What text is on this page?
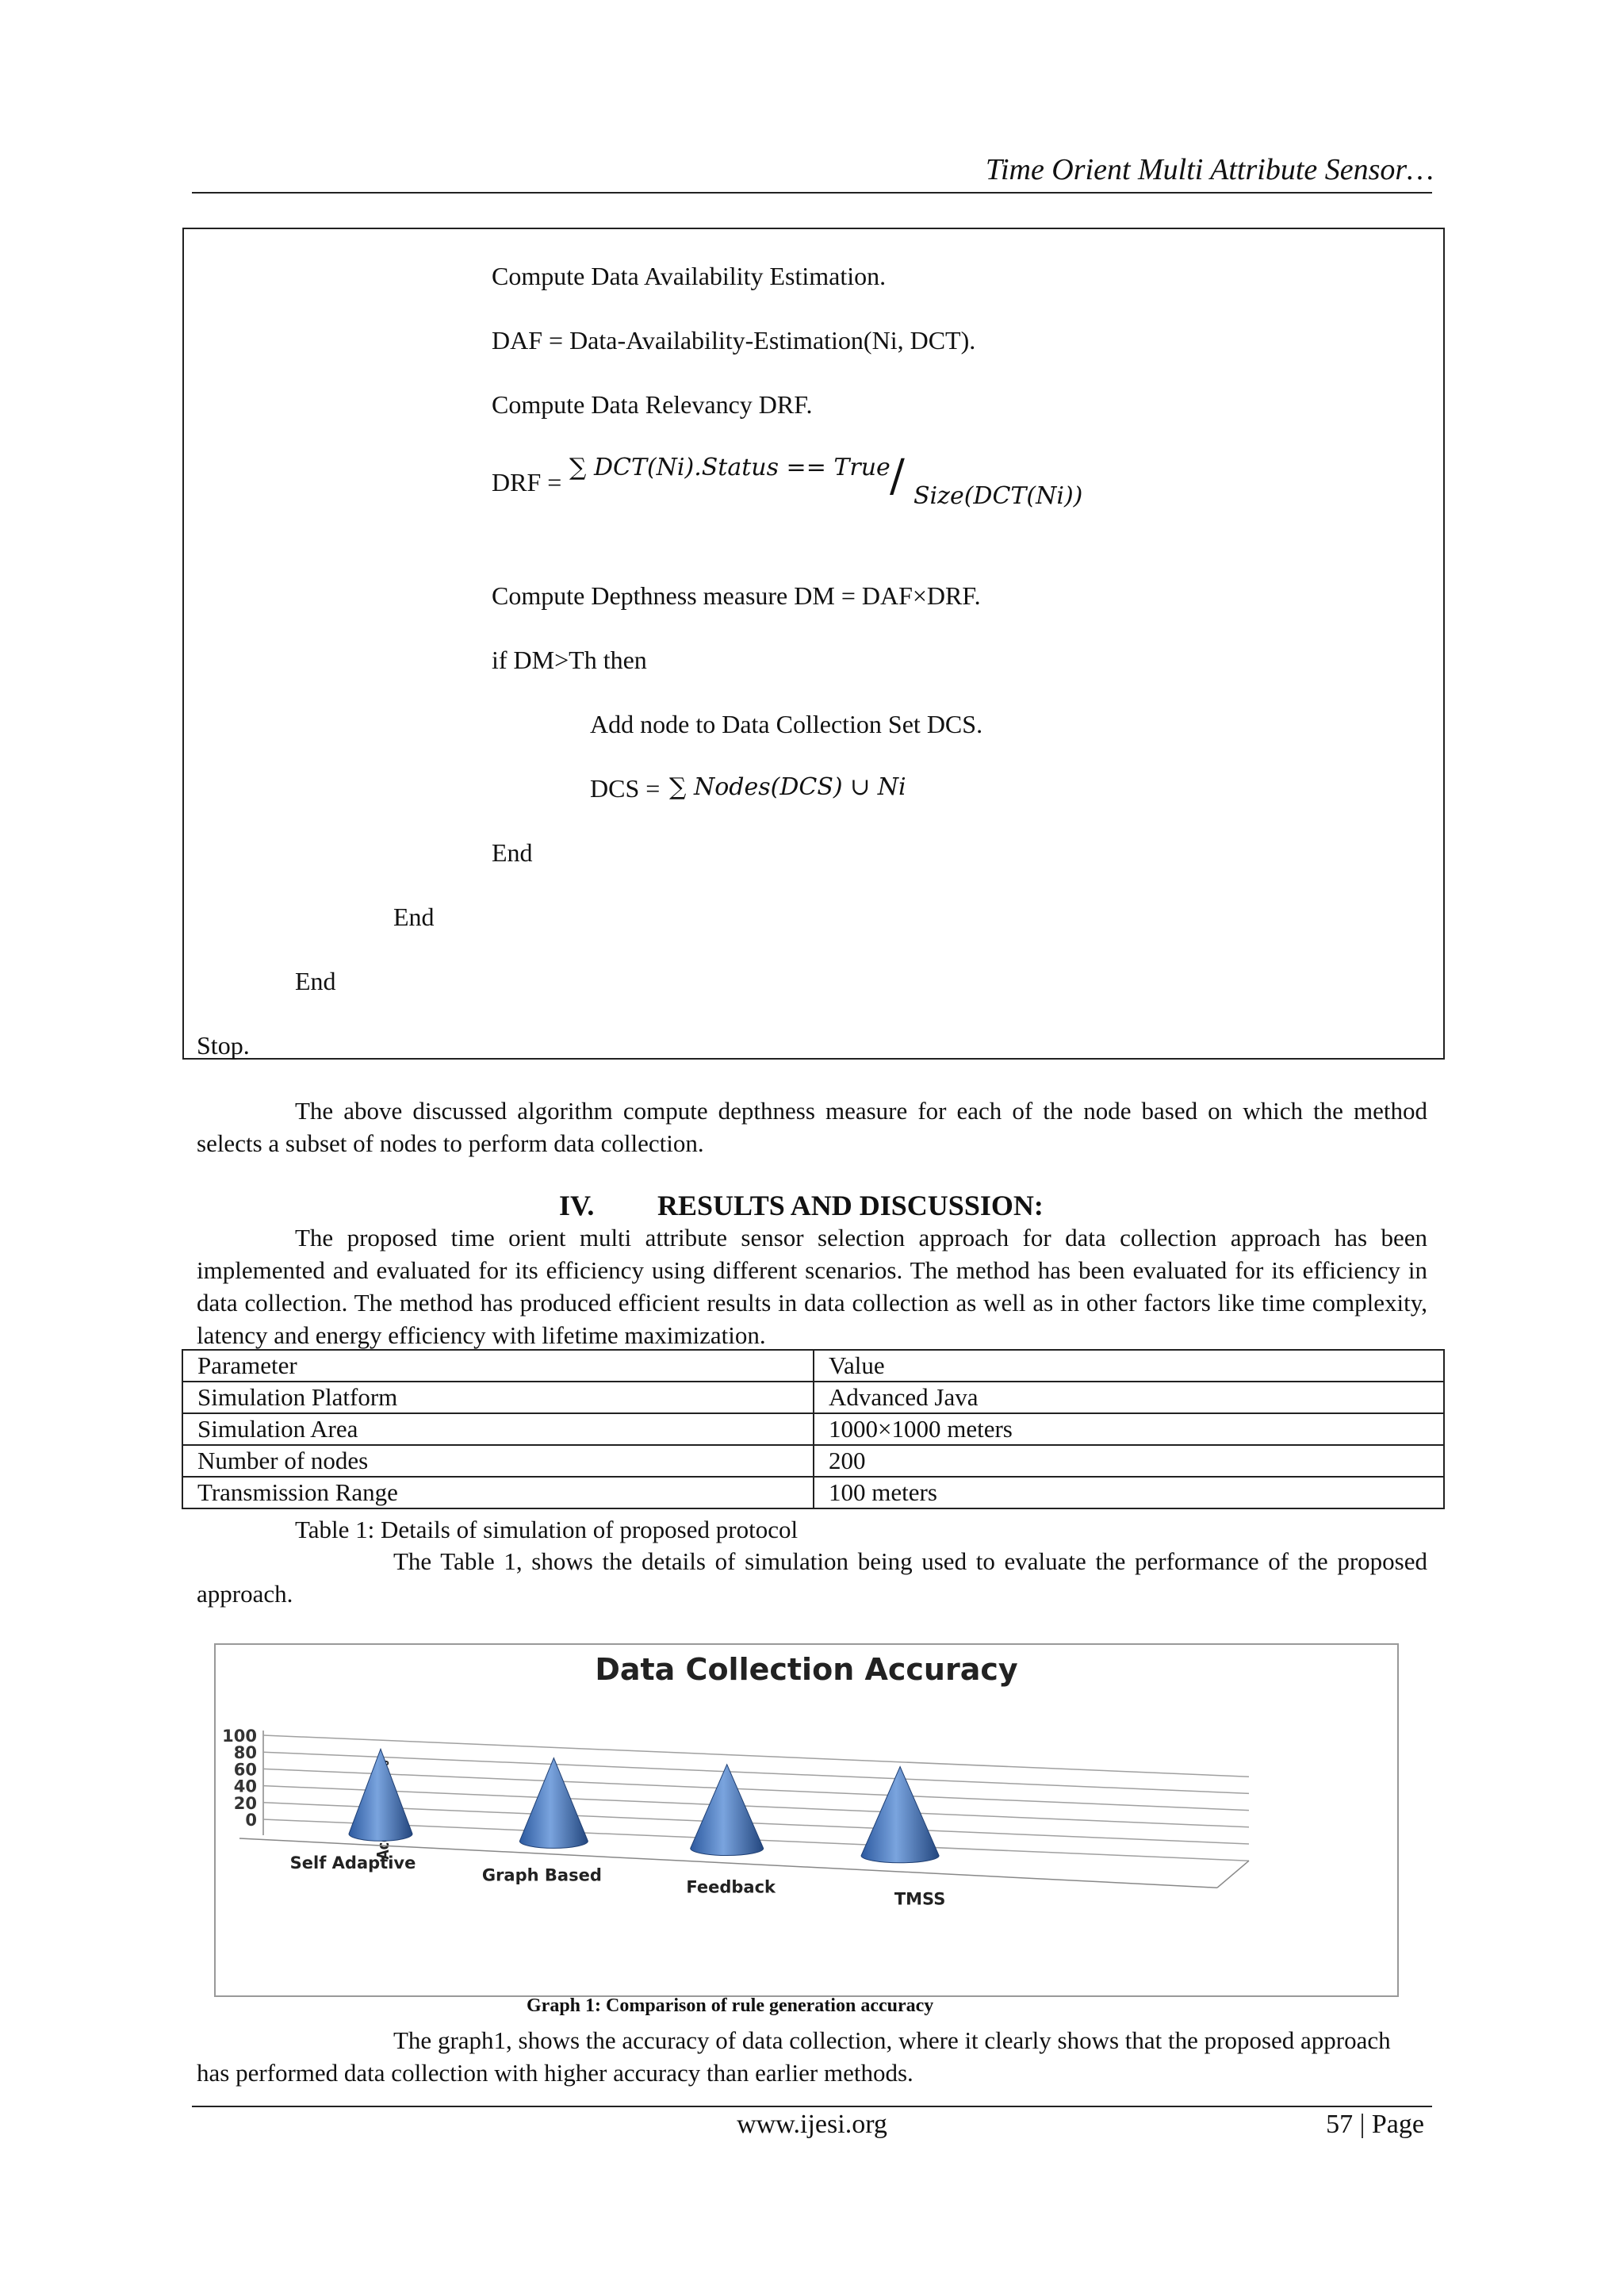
Time Orient Multi Attribute Sensor…
Compute Data Availability Estimation.
DAF = Data-Availability-Estimation(Ni, DCT).
Compute Data Relevancy DRF.
DRF =
∑ DCT(Ni).Status == True / Size(DCT(Ni))
Compute Depthness measure DM = DAF×DRF.
if DM>Th then
Add node to Data Collection Set DCS.
DCS = ∑ Nodes(DCS) ∪ Ni
End
End
End
Stop.
The above discussed algorithm compute depthness measure for each of the node based on which the method selects a subset of nodes to perform data collection.
IV. RESULTS AND DISCUSSION:
The proposed time orient multi attribute sensor selection approach for data collection approach has been implemented and evaluated for its efficiency using different scenarios. The method has been evaluated for its efficiency in data collection. The method has produced efficient results in data collection as well as in other factors like time complexity, latency and energy efficiency with lifetime maximization.
Parameter	Value
Simulation Platform	Advanced Java
Simulation Area	1000×1000 meters
Number of nodes	200
Transmission Range	100 meters
Table 1: Details of simulation of proposed protocol
The Table 1, shows the details of simulation being used to evaluate the performance of the proposed approach.
Data Collection Accuracy
0
20
40
60
80
100
Self Adaptive
Graph Based
Feedback
TMSS
Graph 1: Comparison of rule generation accuracy
The graph1, shows the accuracy of data collection, where it clearly shows that the proposed approach has performed data collection with higher accuracy than earlier methods.
www.ijesi.org	57 | Page
